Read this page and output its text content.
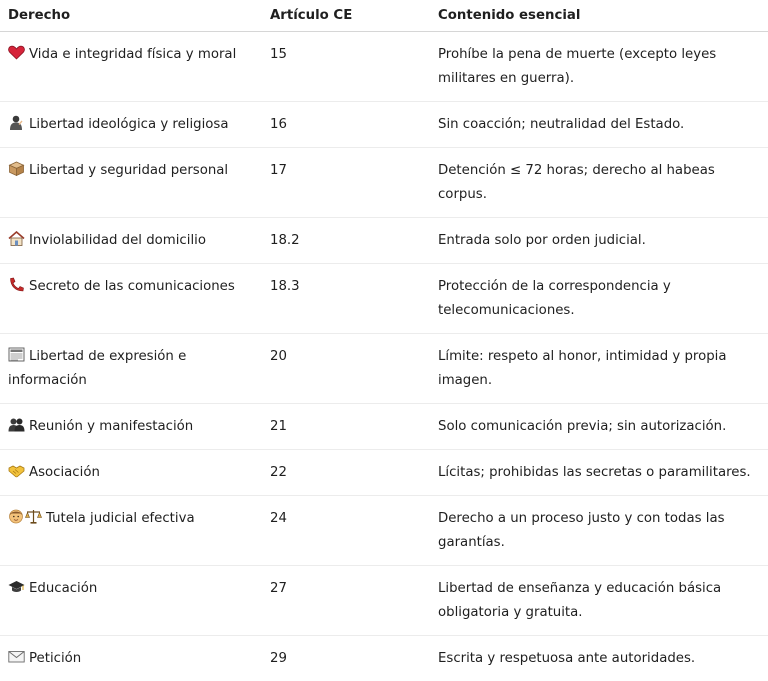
Derecho	Artículo CE	Contenido esencial

Vida e integridad física y moral	15	Prohíbe la pena de muerte (excepto leyes militares en guerra).

Libertad ideológica y religiosa	16	Sin coacción; neutralidad del Estado.

Libertad y seguridad personal	17	Detención ≤ 72 horas; derecho al habeas corpus.

Inviolabilidad del domicilio	18.2	Entrada solo por orden judicial.

Secreto de las comunicaciones	18.3	Protección de la correspondencia y telecomunicaciones.

Libertad de expresión e información	20	Límite: respeto al honor, intimidad y propia imagen.

Reunión y manifestación	21	Solo comunicación previa; sin autorización.

Asociación	22	Lícitas; prohibidas las secretas o paramilitares.

Tutela judicial efectiva	24	Derecho a un proceso justo y con todas las garantías.

Educación	27	Libertad de enseñanza y educación básica obligatoria y gratuita.

Petición	29	Escrita y respetuosa ante autoridades.
